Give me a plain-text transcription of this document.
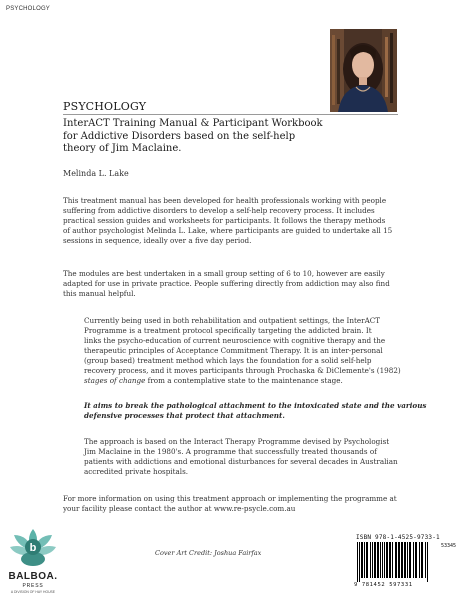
PSYCHOLOGY
PSYCHOLOGY
InterACT Training Manual & Participant Workbook
for Addictive Disorders based on the self-help
theory of Jim Maclaine.
Melinda L. Lake
This treatment manual has been developed for health professionals working with people
suffering from addictive disorders to develop a self-help recovery process. It includes
practical session guides and worksheets for participants. It follows the therapy methods
of author psychologist Melinda L. Lake, where participants are guided to undertake all 15
sessions in sequence, ideally over a five day period.
The modules are best undertaken in a small group setting of 6 to 10, however are easily
adapted for use in private practice. People suffering directly from addiction may also find
this manual helpful.
Currently being used in both rehabilitation and outpatient settings, the InterACT
Programme is a treatment protocol specifically targeting the addicted brain. It
links the psycho-education of current neuroscience with cognitive therapy and the
therapeutic principles of Acceptance Commitment Therapy. It is an inter-personal
(group based) treatment method which lays the foundation for a solid self-help
recovery process, and it moves participants through Prochaska & DiClemente's (1982)
stages of change from a contemplative state to the maintenance stage.
It aims to break the pathological attachment to the intoxicated state and the various
defensive processes that protect that attachment.
The approach is based on the Interact Therapy Programme devised by Psychologist
Jim Maclaine in the 1980's. A programme that successfully treated thousands of
patients with addictions and emotional disturbances for several decades in Australian
accredited private hospitals.
For more information on using this treatment approach or implementing the programme at
your facility please contact the author at www.re-psycle.com.au
Cover Art Credit: Joshua Fairfax
b
BALBOA.
PRESS
A DIVISION OF HAY HOUSE
ISBN 978-1-4525-9733-1
53345
9 781452 597331
